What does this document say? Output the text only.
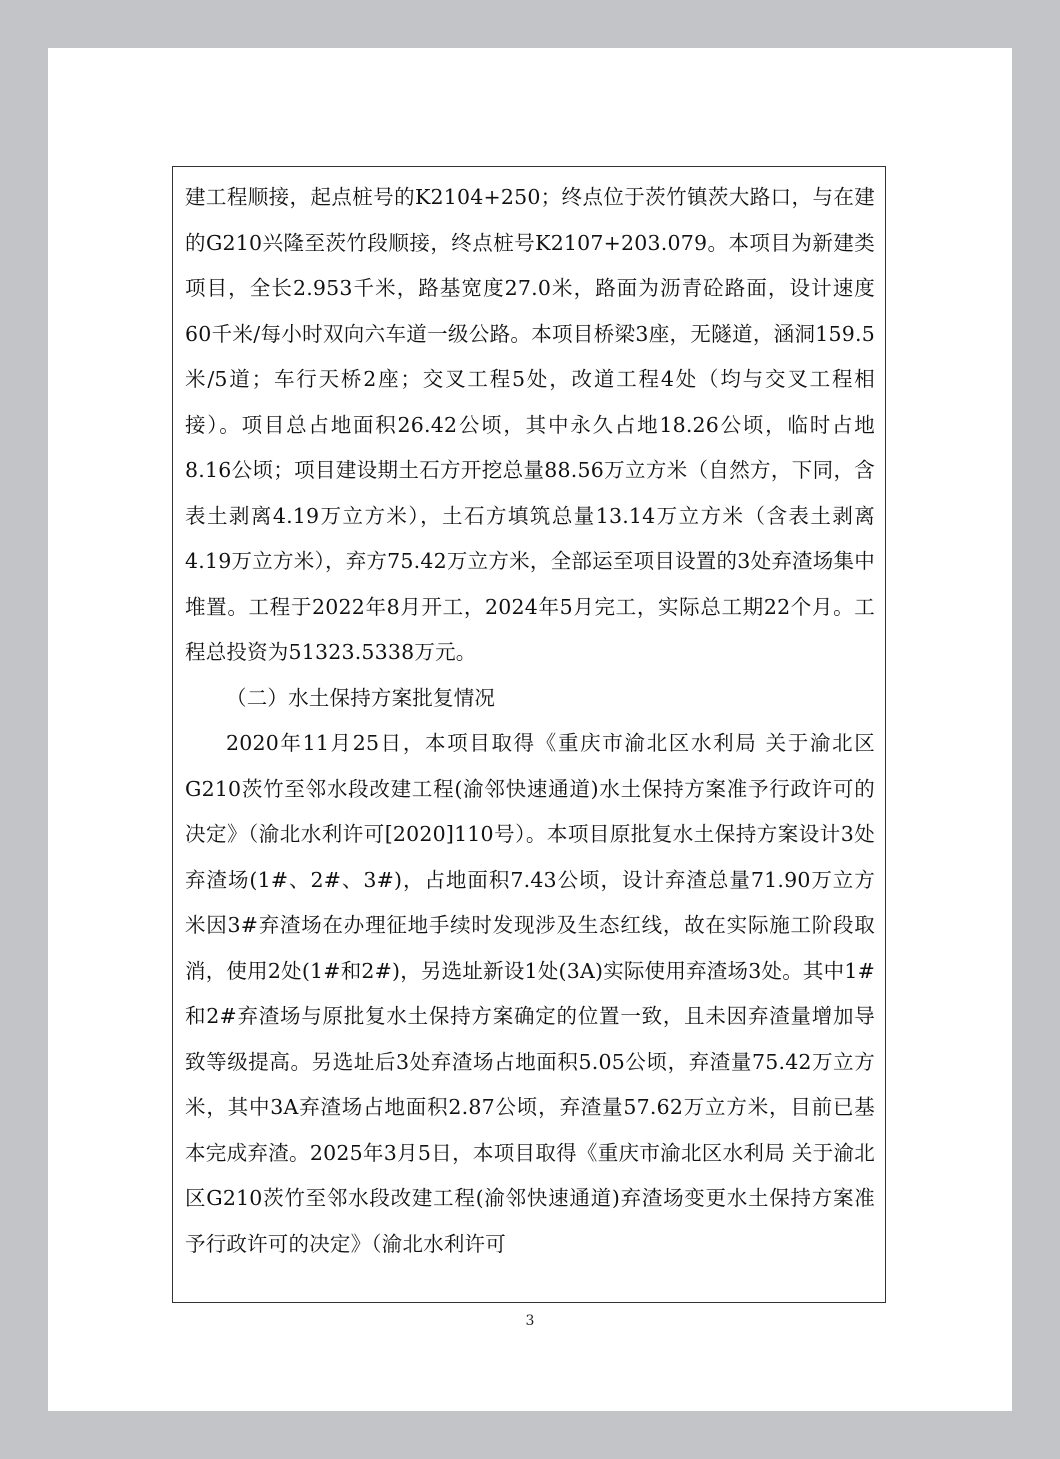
建工程顺接，起点桩号的K2104+250；终点位于茨竹镇茨大路口，与在建的G210兴隆至茨竹段顺接，终点桩号K2107+203.079。本项目为新建类项目，全长2.953千米，路基宽度27.0米，路面为沥青砼路面，设计速度60千米/每小时双向六车道一级公路。本项目桥梁3座，无隧道，涵洞159.5米/5道；车行天桥2座；交叉工程5处，改道工程4处（均与交叉工程相接）。项目总占地面积26.42公顷，其中永久占地18.26公顷，临时占地8.16公顷；项目建设期土石方开挖总量88.56万立方米（自然方，下同，含表土剥离4.19万立方米），土石方填筑总量13.14万立方米（含表土剥离4.19万立方米），弃方75.42万立方米，全部运至项目设置的3处弃渣场集中堆置。工程于2022年8月开工，2024年5月完工，实际总工期22个月。工程总投资为51323.5338万元。

（二）水土保持方案批复情况

2020年11月25日，本项目取得《重庆市渝北区水利局 关于渝北区G210茨竹至邻水段改建工程(渝邻快速通道)水土保持方案准予行政许可的决定》（渝北水利许可[2020]110号）。本项目原批复水土保持方案设计3处弃渣场(1#、2#、3#)，占地面积7.43公顷，设计弃渣总量71.90万立方米因3#弃渣场在办理征地手续时发现涉及生态红线，故在实际施工阶段取消，使用2处(1#和2#)，另选址新设1处(3A)实际使用弃渣场3处。其中1#和2#弃渣场与原批复水土保持方案确定的位置一致，且未因弃渣量增加导致等级提高。另选址后3处弃渣场占地面积5.05公顷，弃渣量75.42万立方米，其中3A弃渣场占地面积2.87公顷，弃渣量57.62万立方米，目前已基本完成弃渣。2025年3月5日，本项目取得《重庆市渝北区水利局 关于渝北区G210茨竹至邻水段改建工程(渝邻快速通道)弃渣场变更水土保持方案准予行政许可的决定》（渝北水利许可

3
